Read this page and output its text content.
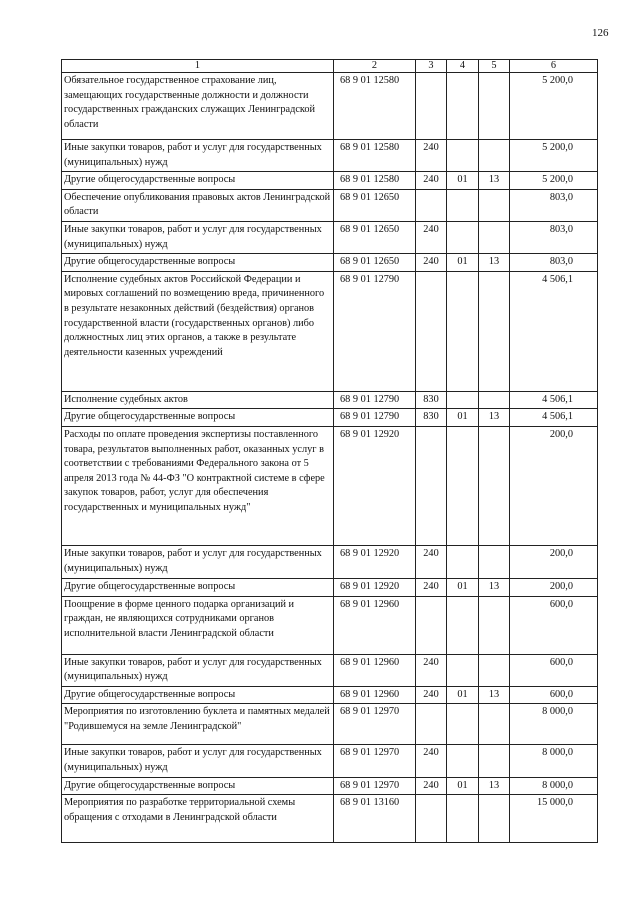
126
1	2	3	4	5	6
Обязательное государственное страхование лиц, замещающих государственные должности и должности государственных гражданских служащих Ленинградской области	68 9 01 12580				5 200,0
Иные закупки товаров, работ и услуг для государственных (муниципальных) нужд	68 9 01 12580	240			5 200,0
Другие общегосударственные вопросы	68 9 01 12580	240	01	13	5 200,0
Обеспечение опубликования правовых актов Ленинградской области	68 9 01 12650				803,0
Иные закупки товаров, работ и услуг для государственных (муниципальных) нужд	68 9 01 12650	240			803,0
Другие общегосударственные вопросы	68 9 01 12650	240	01	13	803,0
Исполнение судебных актов Российской Федерации и мировых соглашений по возмещению вреда, причиненного в результате незаконных действий (бездействия) органов государственной власти (государственных органов) либо должностных лиц этих органов, а также в результате деятельности казенных учреждений	68 9 01 12790				4 506,1
Исполнение судебных актов	68 9 01 12790	830			4 506,1
Другие общегосударственные вопросы	68 9 01 12790	830	01	13	4 506,1
Расходы по оплате проведения экспертизы поставленного товара, результатов выполненных работ, оказанных услуг в соответствии с требованиями Федерального закона от 5 апреля 2013 года № 44-ФЗ "О контрактной системе в сфере закупок товаров, работ, услуг для обеспечения государственных и муниципальных нужд"	68 9 01 12920				200,0
Иные закупки товаров, работ и услуг для государственных (муниципальных) нужд	68 9 01 12920	240			200,0
Другие общегосударственные вопросы	68 9 01 12920	240	01	13	200,0
Поощрение в форме ценного подарка организаций и граждан, не являющихся сотрудниками органов исполнительной власти Ленинградской области	68 9 01 12960				600,0
Иные закупки товаров, работ и услуг для государственных (муниципальных) нужд	68 9 01 12960	240			600,0
Другие общегосударственные вопросы	68 9 01 12960	240	01	13	600,0
Мероприятия по изготовлению буклета и памятных медалей "Родившемуся на земле Ленинградской"	68 9 01 12970				8 000,0
Иные закупки товаров, работ и услуг для государственных (муниципальных) нужд	68 9 01 12970	240			8 000,0
Другие общегосударственные вопросы	68 9 01 12970	240	01	13	8 000,0
Мероприятия по разработке территориальной схемы обращения с отходами в Ленинградской области	68 9 01 13160				15 000,0
